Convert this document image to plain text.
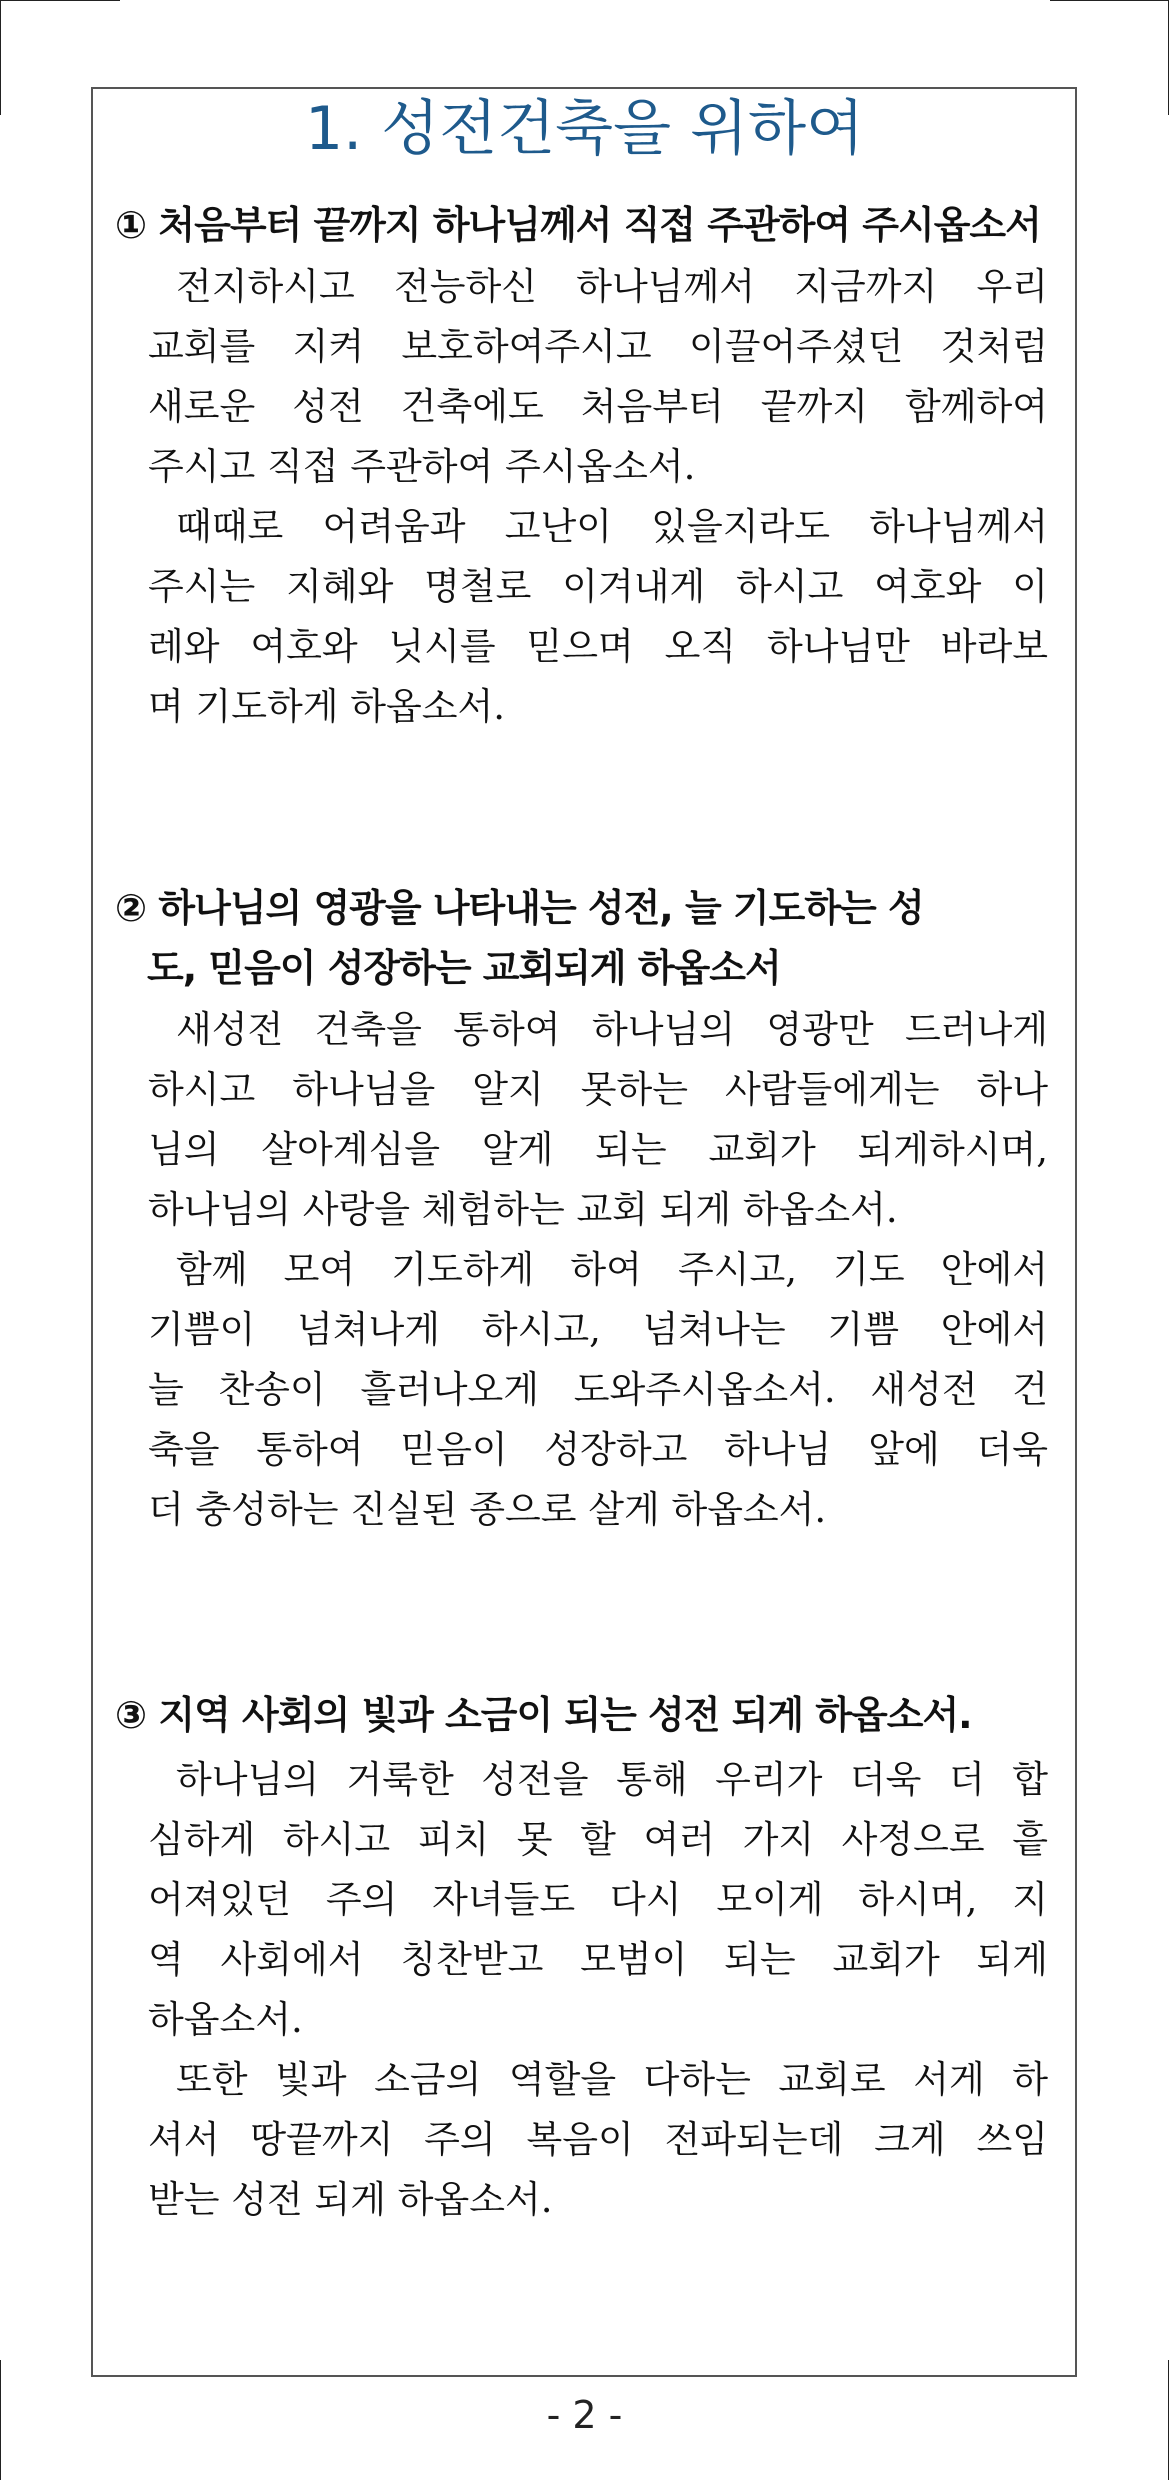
1. 성전건축을 위하여
① 처음부터 끝까지 하나님께서 직접 주관하여 주시옵소서
전지하시고 전능하신 하나님께서 지금까지 우리
교회를 지켜 보호하여주시고 이끌어주셨던 것처럼
새로운 성전 건축에도 처음부터 끝까지 함께하여
주시고 직접 주관하여 주시옵소서.
때때로 어려움과 고난이 있을지라도 하나님께서
주시는 지혜와 명철로 이겨내게 하시고 여호와 이
레와 여호와 닛시를 믿으며 오직 하나님만 바라보
며 기도하게 하옵소서.
② 하나님의 영광을 나타내는 성전, 늘 기도하는 성
도, 믿음이 성장하는 교회되게 하옵소서
새성전 건축을 통하여 하나님의 영광만 드러나게
하시고 하나님을 알지 못하는 사람들에게는 하나
님의 살아계심을 알게 되는 교회가 되게하시며,
하나님의 사랑을 체험하는 교회 되게 하옵소서.
함께 모여 기도하게 하여 주시고, 기도 안에서
기쁨이 넘쳐나게 하시고, 넘쳐나는 기쁨 안에서
늘 찬송이 흘러나오게 도와주시옵소서. 새성전 건
축을 통하여 믿음이 성장하고 하나님 앞에 더욱
더 충성하는 진실된 종으로 살게 하옵소서.
③ 지역 사회의 빛과 소금이 되는 성전 되게 하옵소서.
하나님의 거룩한 성전을 통해 우리가 더욱 더 합
심하게 하시고 피치 못 할 여러 가지 사정으로 흩
어져있던 주의 자녀들도 다시 모이게 하시며, 지
역 사회에서 칭찬받고 모범이 되는 교회가 되게
하옵소서.
또한 빛과 소금의 역할을 다하는 교회로 서게 하
셔서 땅끝까지 주의 복음이 전파되는데 크게 쓰임
받는 성전 되게 하옵소서.
- 2 -
